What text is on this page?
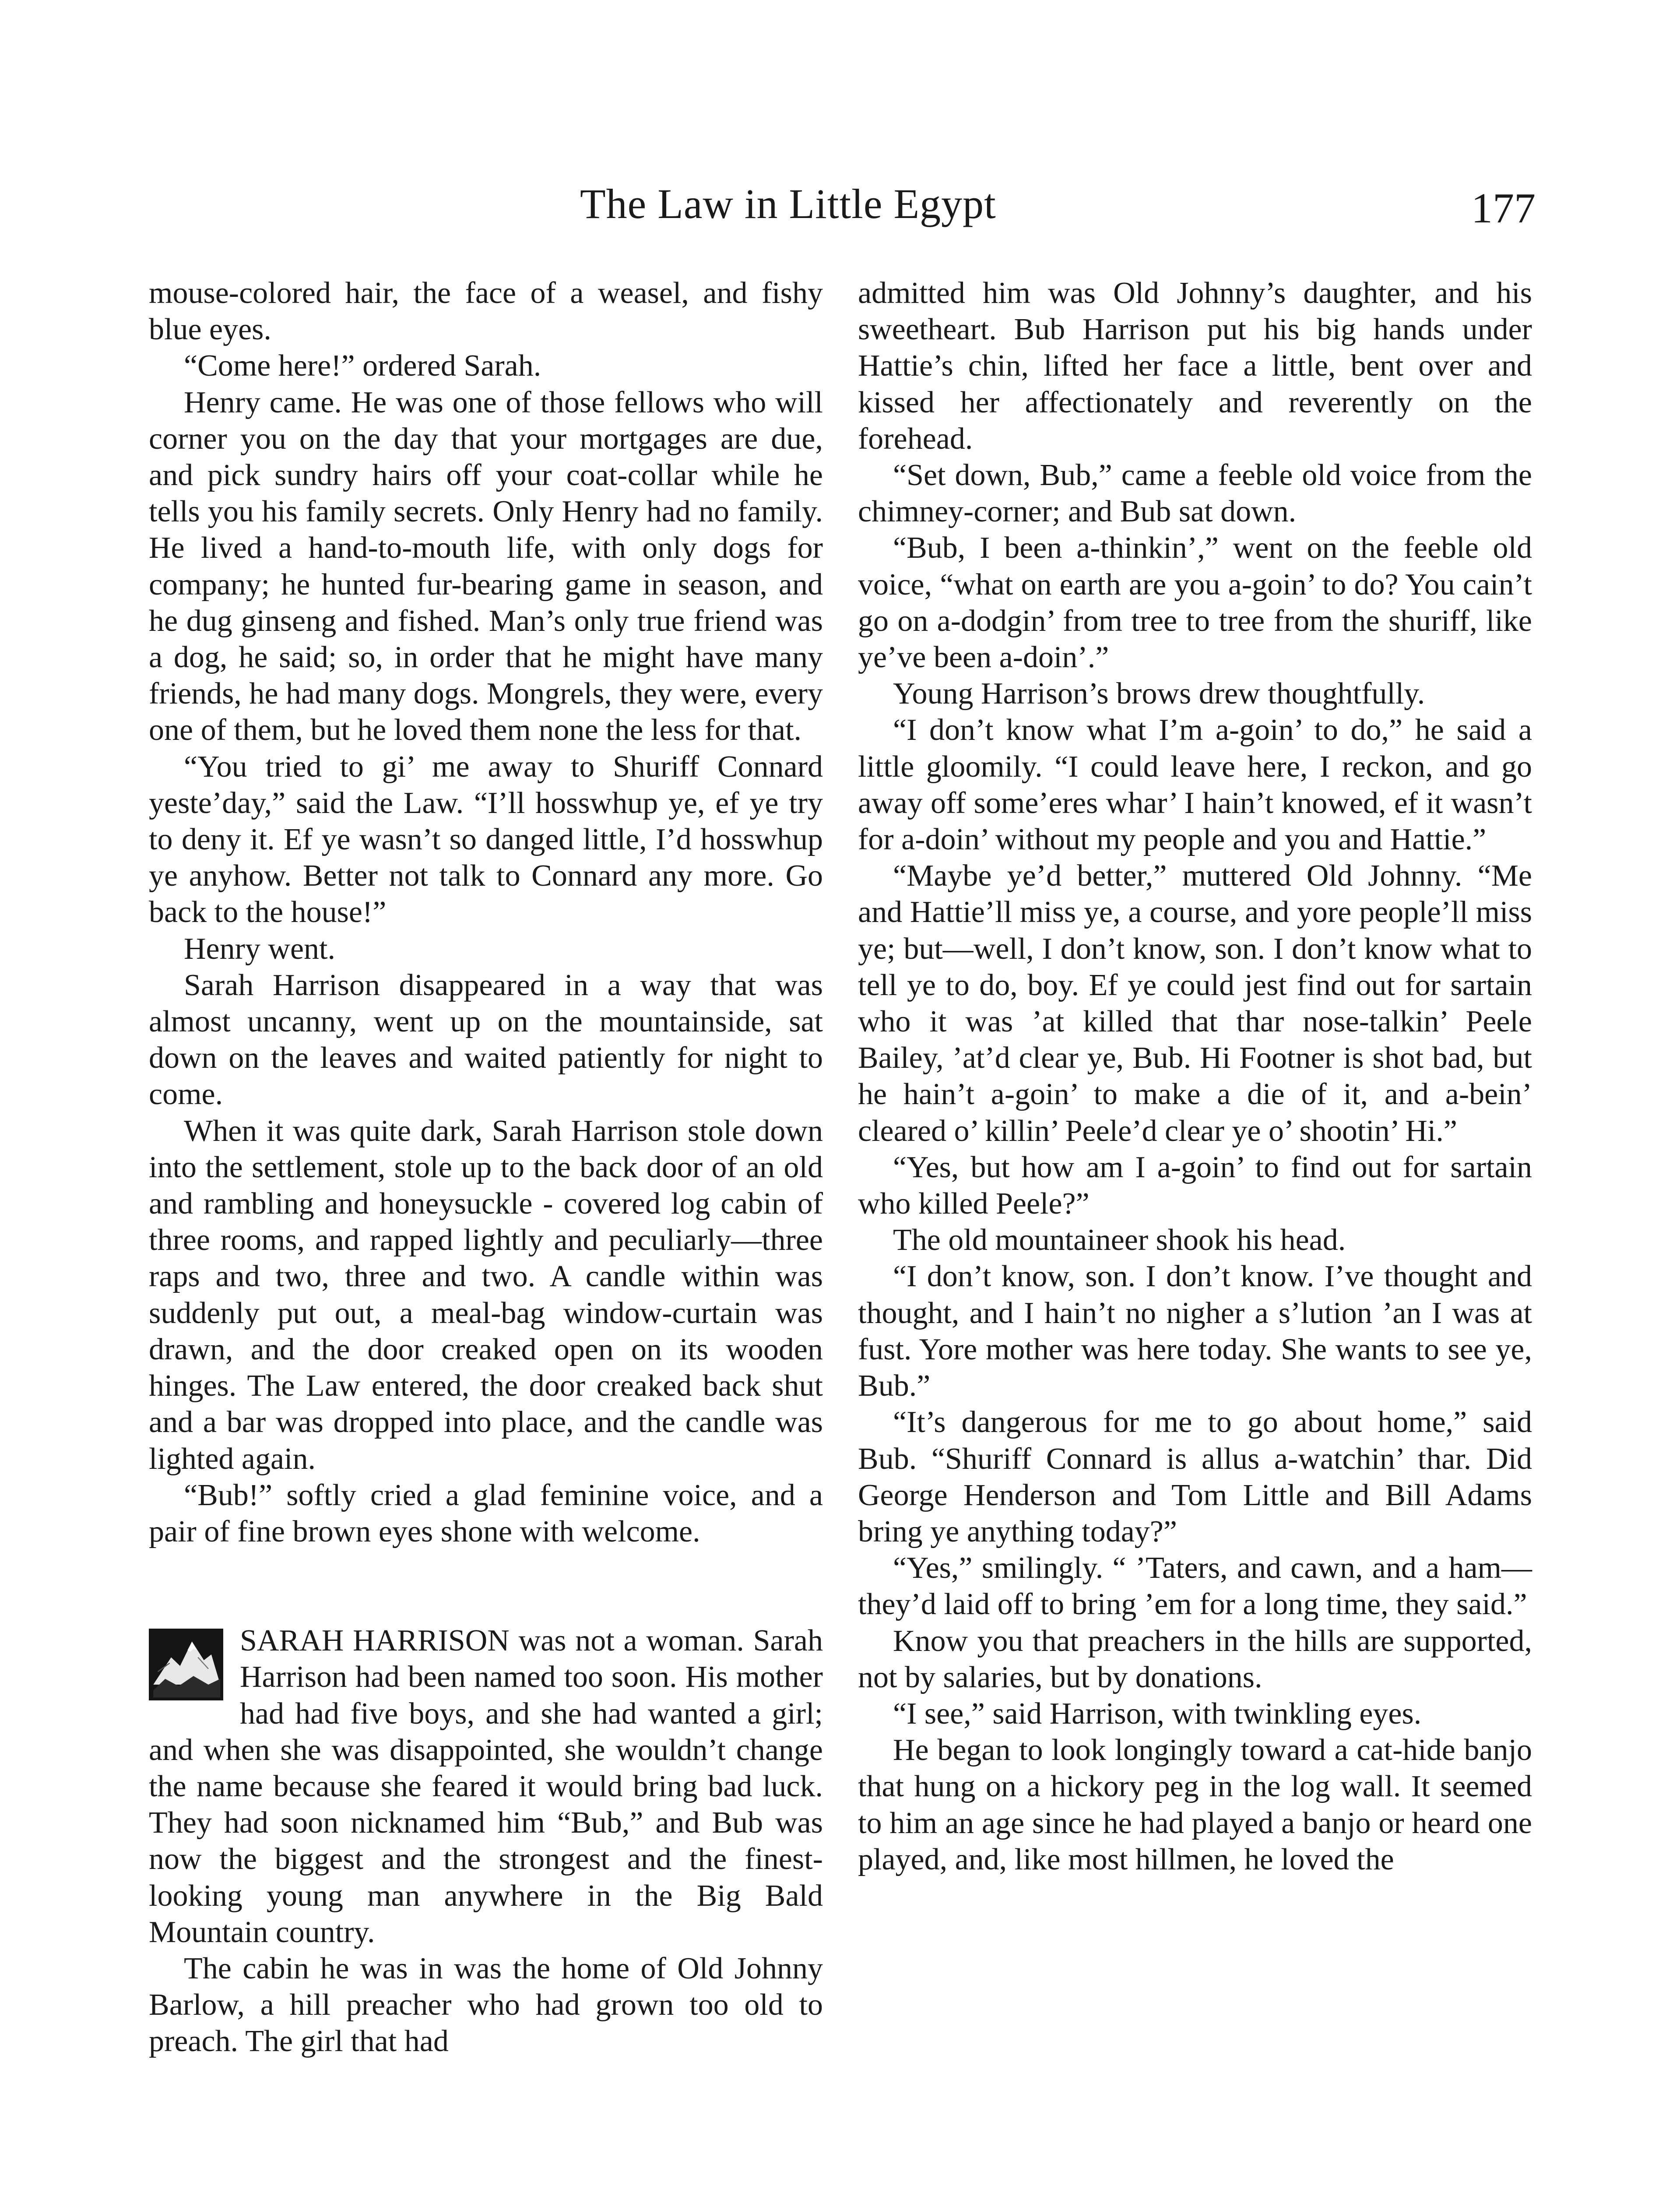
The Law in Little Egypt	177

mouse-colored hair, the face of a weasel, and fishy blue eyes.

“Come here!” ordered Sarah.

Henry came. He was one of those fellows who will corner you on the day that your mortgages are due, and pick sundry hairs off your coat-collar while he tells you his family secrets. Only Henry had no family. He lived a hand-to-mouth life, with only dogs for company; he hunted fur-bearing game in season, and he dug ginseng and fished. Man’s only true friend was a dog, he said; so, in order that he might have many friends, he had many dogs. Mongrels, they were, every one of them, but he loved them none the less for that.

“You tried to gi’ me away to Shuriff Connard yeste’day,” said the Law. “I’ll hosswhup ye, ef ye try to deny it. Ef ye wasn’t so danged little, I’d hosswhup ye anyhow. Better not talk to Connard any more. Go back to the house!”

Henry went.

Sarah Harrison disappeared in a way that was almost uncanny, went up on the mountainside, sat down on the leaves and waited patiently for night to come.

When it was quite dark, Sarah Harrison stole down into the settlement, stole up to the back door of an old and rambling and honeysuckle - covered log cabin of three rooms, and rapped lightly and peculiarly—three raps and two, three and two. A candle within was suddenly put out, a meal-bag window-curtain was drawn, and the door creaked open on its wooden hinges. The Law entered, the door creaked back shut and a bar was dropped into place, and the candle was lighted again.

“Bub!” softly cried a glad feminine voice, and a pair of fine brown eyes shone with welcome.

SARAH HARRISON was not a woman. Sarah Harrison had been named too soon. His mother had had five boys, and she had wanted a girl; and when she was disappointed, she wouldn’t change the name because she feared it would bring bad luck. They had soon nicknamed him “Bub,” and Bub was now the biggest and the strongest and the finest-looking young man anywhere in the Big Bald Mountain country.

The cabin he was in was the home of Old Johnny Barlow, a hill preacher who had grown too old to preach. The girl that had

admitted him was Old Johnny’s daughter, and his sweetheart. Bub Harrison put his big hands under Hattie’s chin, lifted her face a little, bent over and kissed her affectionately and reverently on the forehead.

“Set down, Bub,” came a feeble old voice from the chimney-corner; and Bub sat down.

“Bub, I been a-thinkin’,” went on the feeble old voice, “what on earth are you a-goin’ to do? You cain’t go on a-dodgin’ from tree to tree from the shuriff, like ye’ve been a-doin’.”

Young Harrison’s brows drew thoughtfully.

“I don’t know what I’m a-goin’ to do,” he said a little gloomily. “I could leave here, I reckon, and go away off some’eres whar’ I hain’t knowed, ef it wasn’t for a-doin’ without my people and you and Hattie.”

“Maybe ye’d better,” muttered Old Johnny. “Me and Hattie’ll miss ye, a course, and yore people’ll miss ye; but—well, I don’t know, son. I don’t know what to tell ye to do, boy. Ef ye could jest find out for sartain who it was ’at killed that thar nose-talkin’ Peele Bailey, ’at’d clear ye, Bub. Hi Footner is shot bad, but he hain’t a-goin’ to make a die of it, and a-bein’ cleared o’ killin’ Peele’d clear ye o’ shootin’ Hi.”

“Yes, but how am I a-goin’ to find out for sartain who killed Peele?”

The old mountaineer shook his head.

“I don’t know, son. I don’t know. I’ve thought and thought, and I hain’t no nigher a s’lution ’an I was at fust. Yore mother was here today. She wants to see ye, Bub.”

“It’s dangerous for me to go about home,” said Bub. “Shuriff Connard is allus a-watchin’ thar. Did George Henderson and Tom Little and Bill Adams bring ye anything today?”

“Yes,” smilingly. “ ’Taters, and cawn, and a ham—they’d laid off to bring ’em for a long time, they said.”

Know you that preachers in the hills are supported, not by salaries, but by donations.

“I see,” said Harrison, with twinkling eyes.

He began to look longingly toward a cat-hide banjo that hung on a hickory peg in the log wall. It seemed to him an age since he had played a banjo or heard one played, and, like most hillmen, he loved the
